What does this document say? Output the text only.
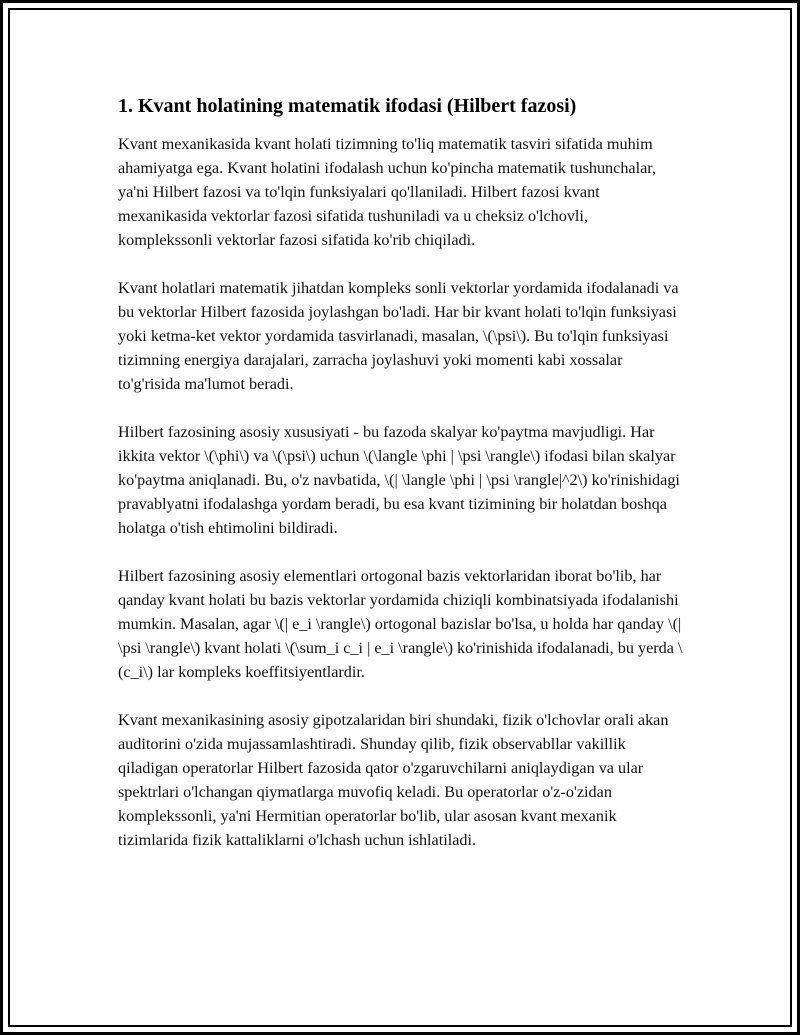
1. Kvant holatining matematik ifodasi (Hilbert fazosi)

Kvant mexanikasida kvant holati tizimning to'liq matematik tasviri sifatida muhim ahamiyatga ega. Kvant holatini ifodalash uchun ko'pincha matematik tushunchalar, ya'ni Hilbert fazosi va to'lqin funksiyalari qo'llaniladi. Hilbert fazosi kvant mexanikasida vektorlar fazosi sifatida tushuniladi va u cheksiz o'lchovli, komplekssonli vektorlar fazosi sifatida ko'rib chiqiladi.

Kvant holatlari matematik jihatdan kompleks sonli vektorlar yordamida ifodalanadi va bu vektorlar Hilbert fazosida joylashgan bo'ladi. Har bir kvant holati to'lqin funksiyasi yoki ketma-ket vektor yordamida tasvirlanadi, masalan, \(\psi\). Bu to'lqin funksiyasi tizimning energiya darajalari, zarracha joylashuvi yoki momenti kabi xossalar to'g'risida ma'lumot beradi.

Hilbert fazosining asosiy xususiyati - bu fazoda skalyar ko'paytma mavjudligi. Har ikkita vektor \(\phi\) va \(\psi\) uchun \(\langle \phi | \psi \rangle\) ifodasi bilan skalyar ko'paytma aniqlanadi. Bu, o'z navbatida, \(| \langle \phi | \psi \rangle|^2\) ko'rinishidagi pravablyatni ifodalashga yordam beradi, bu esa kvant tizimining bir holatdan boshqa holatga o'tish ehtimolini bildiradi.

Hilbert fazosining asosiy elementlari ortogonal bazis vektorlaridan iborat bo'lib, har qanday kvant holati bu bazis vektorlar yordamida chiziqli kombinatsiyada ifodalanishi mumkin. Masalan, agar \(| e_i \rangle\) ortogonal bazislar bo'lsa, u holda har qanday \(| \psi \rangle\) kvant holati \(\sum_i c_i | e_i \rangle\) ko'rinishida ifodalanadi, bu yerda \(c_i\) lar kompleks koeffitsiyentlardir.

Kvant mexanikasining asosiy gipotzalaridan biri shundaki, fizik o'lchovlar orali akan auditorini o'zida mujassamlashtiradi. Shunday qilib, fizik observabllar vakillik qiladigan operatorlar Hilbert fazosida qator o'zgaruvchilarni aniqlaydigan va ular spektrlari o'lchangan qiymatlarga muvofiq keladi. Bu operatorlar o'z-o'zidan komplekssonli, ya'ni Hermitian operatorlar bo'lib, ular asosan kvant mexanik tizimlarida fizik kattaliklarni o'lchash uchun ishlatiladi.
